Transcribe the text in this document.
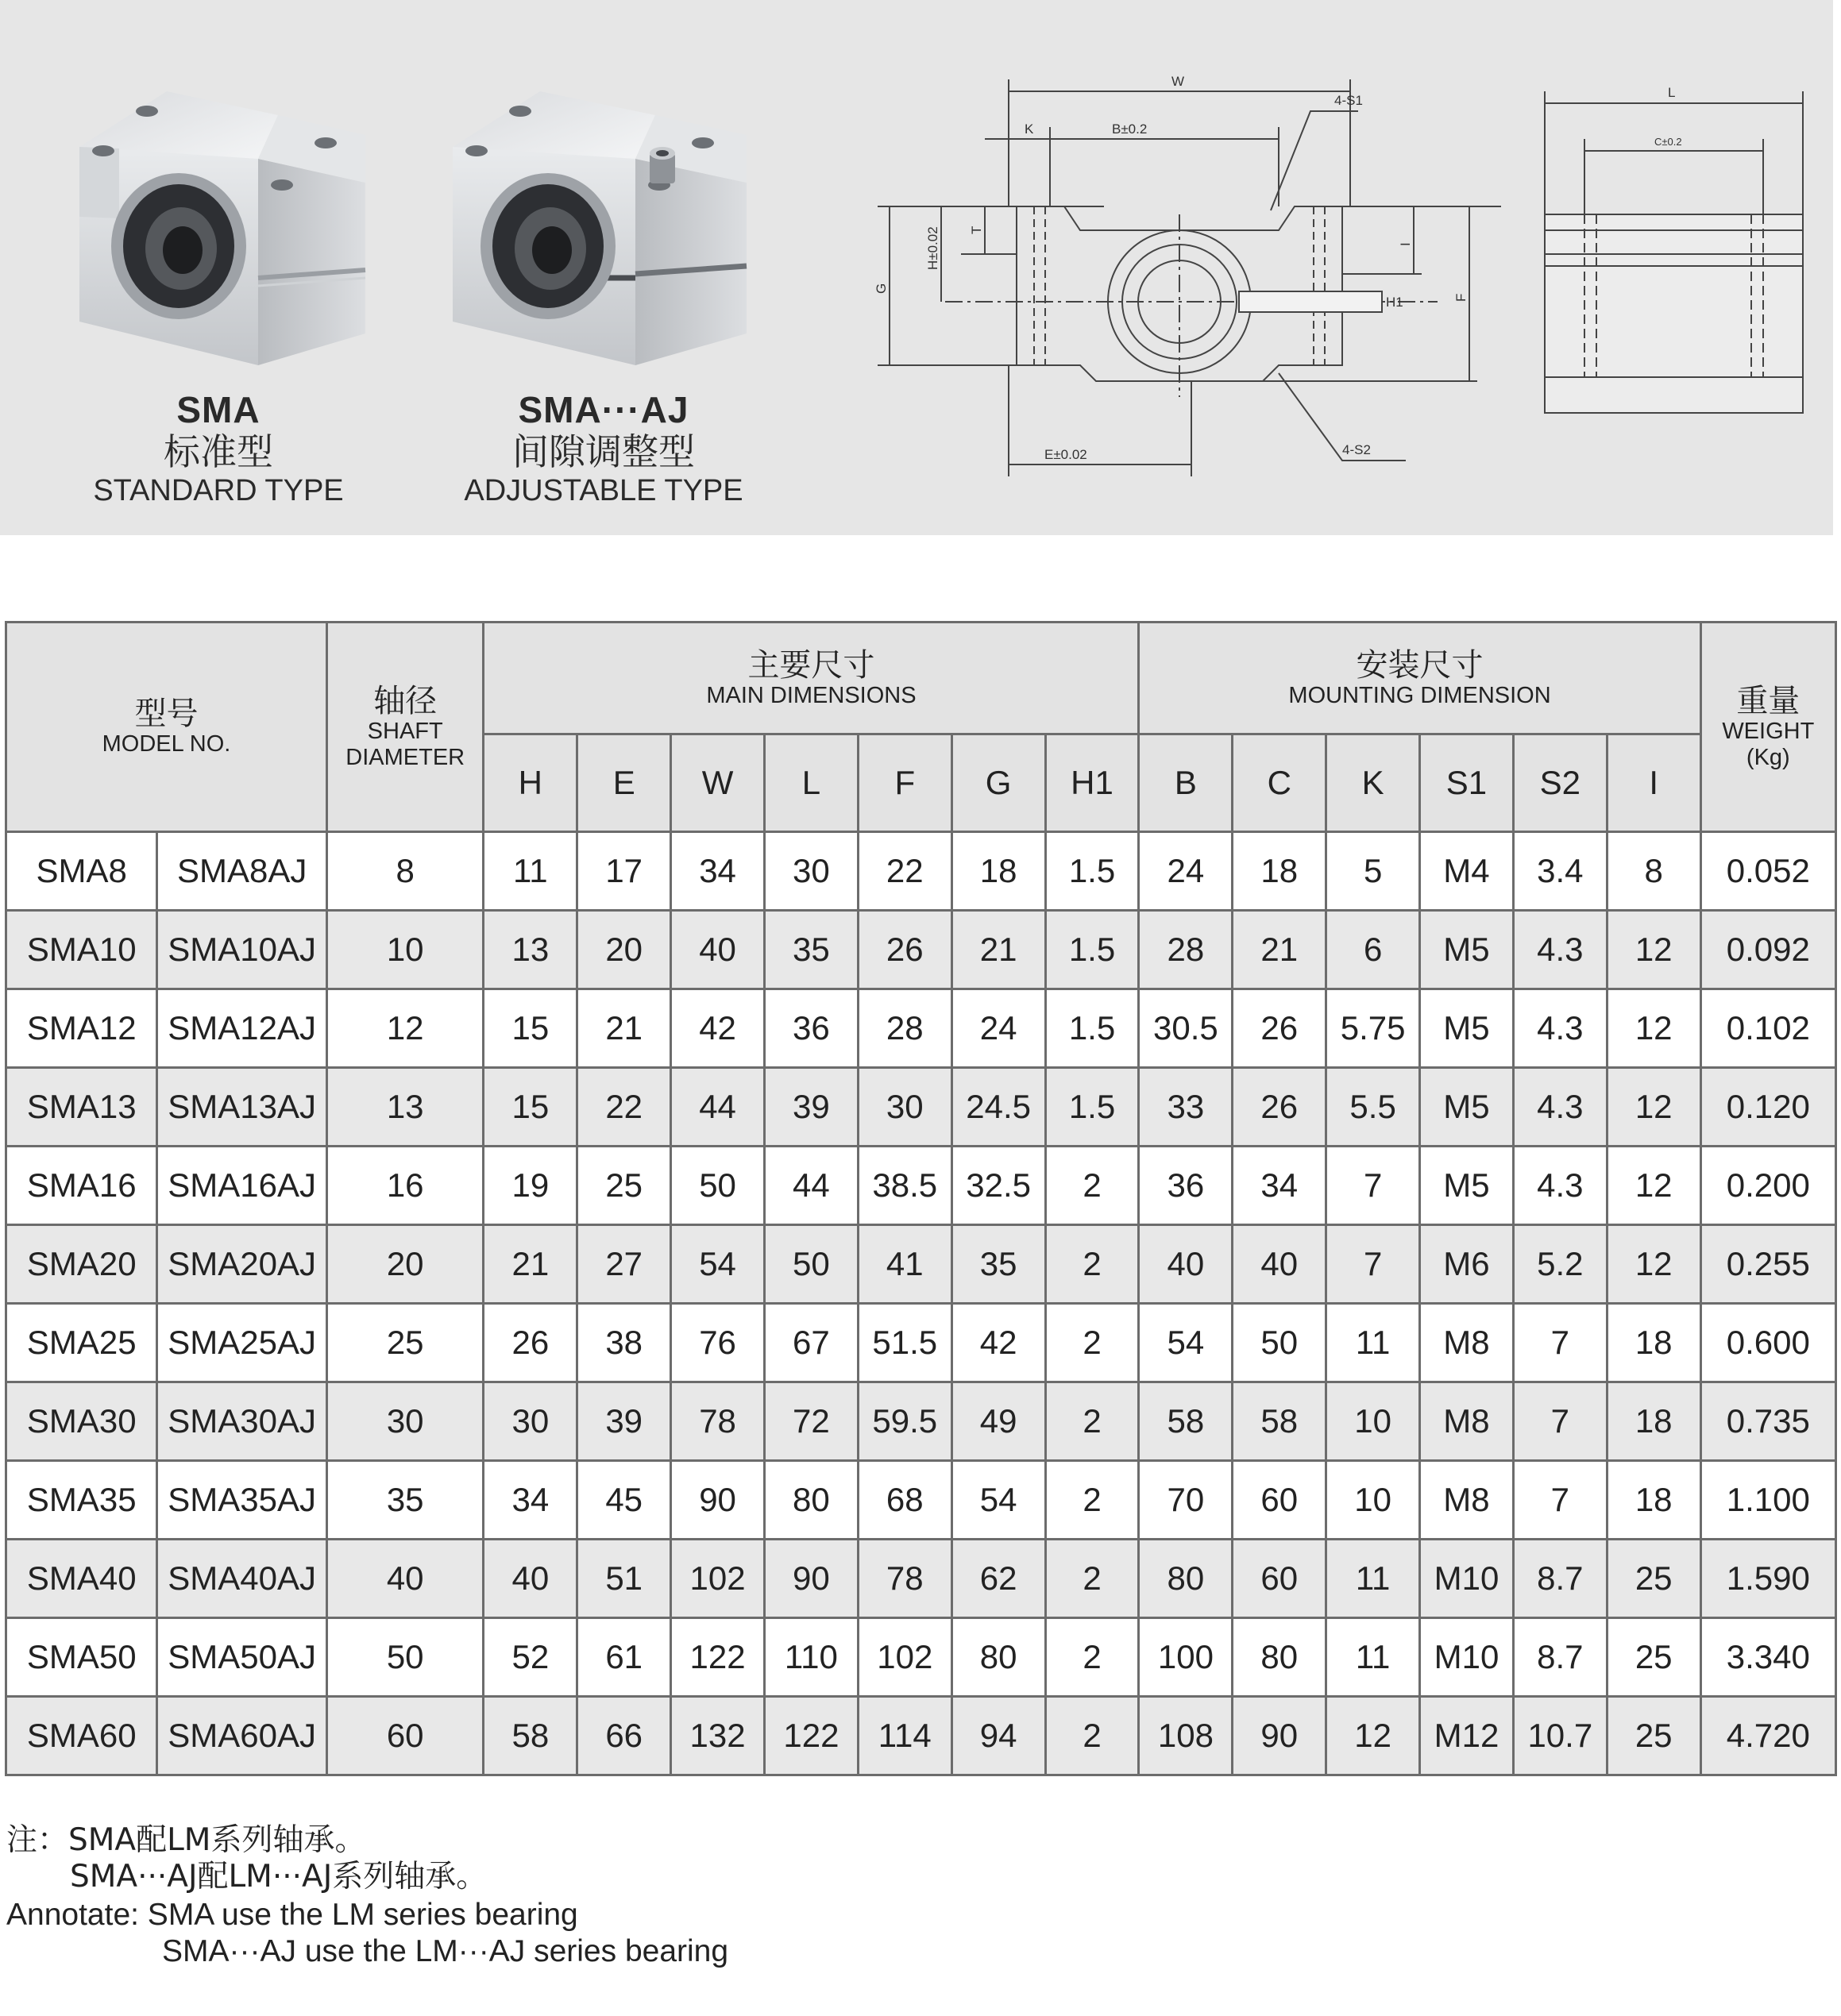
SMA
标准型
STANDARD TYPE
SMA···AJ
间隙调整型
ADJUSTABLE TYPE
W
K	B±0.2
4-S1
4-S2
H±0.02 T
G
I
H1	F
E±0.02
L
C±0.2
型号
MODEL NO.		轴径
SHAFT
DIAMETER	主要尺寸
MAIN DIMENSIONS							安装尺寸
MOUNTING DIMENSION						重量
WEIGHT
(Kg)

			H	E	W	L	F	G	H1	B	C	K	S1	S2	I	
SMA8	SMA8AJ	8	11	17	34	30	22	18	1.5	24	18	5	M4	3.4	8	0.052
SMA10	SMA10AJ	10	13	20	40	35	26	21	1.5	28	21	6	M5	4.3	12	0.092
SMA12	SMA12AJ	12	15	21	42	36	28	24	1.5	30.5	26	5.75	M5	4.3	12	0.102
SMA13	SMA13AJ	13	15	22	44	39	30	24.5	1.5	33	26	5.5	M5	4.3	12	0.120
SMA16	SMA16AJ	16	19	25	50	44	38.5	32.5	2	36	34	7	M5	4.3	12	0.200
SMA20	SMA20AJ	20	21	27	54	50	41	35	2	40	40	7	M6	5.2	12	0.255
SMA25	SMA25AJ	25	26	38	76	67	51.5	42	2	54	50	11	M8	7	18	0.600
SMA30	SMA30AJ	30	30	39	78	72	59.5	49	2	58	58	10	M8	7	18	0.735
SMA35	SMA35AJ	35	34	45	90	80	68	54	2	70	60	10	M8	7	18	1.100
SMA40	SMA40AJ	40	40	51	102	90	78	62	2	80	60	11	M10	8.7	25	1.590
SMA50	SMA50AJ	50	52	61	122	110	102	80	2	100	80	11	M10	8.7	25	3.340
SMA60	SMA60AJ	60	58	66	132	122	114	94	2	108	90	12	M12	10.7	25	4.720
注：SMA配LM系列轴承。
SMA···AJ配LM···AJ系列轴承。
Annotate: SMA use the LM series bearing
SMA···AJ use the LM···AJ series bearing
